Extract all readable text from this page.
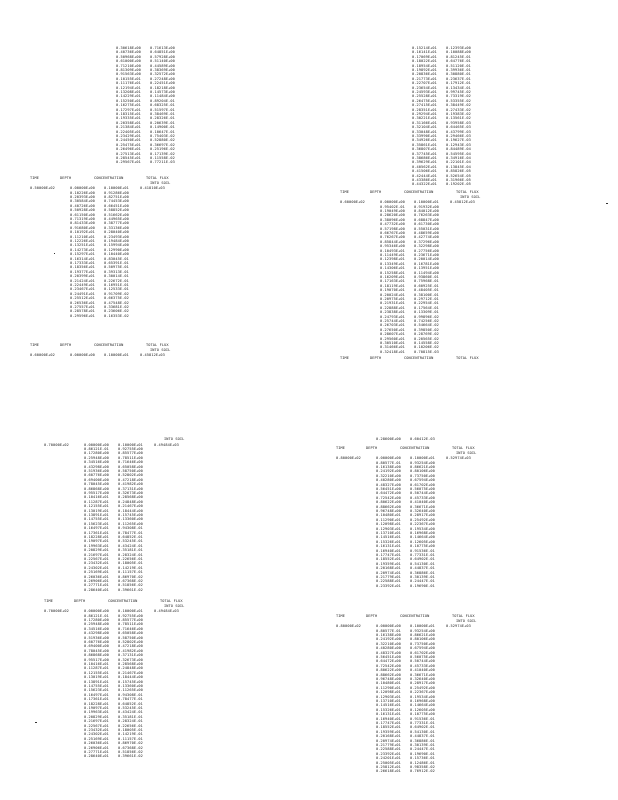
0.30618E+00	0.71613E+00
0.40736E+00	0.64851E+00
0.50968E+00	0.57928E+00
0.61000E+00	0.51140E+00
0.71210E+00	0.44589E+00
0.81309E+00	0.38369E+00
0.91563E+00	0.32572E+00
0.10155E+01	0.27248E+00
0.11176E+01	0.22451E+00
0.12194E+01	0.18218E+00
0.13208E+01	0.14573E+00
0.14229E+01	0.11484E+00
0.15250E+01	0.89204E-01
0.16275E+01	0.68325E-01
0.17297E+01	0.51597E-01
0.18315E+01	0.38469E-01
0.19335E+01	0.28326E-01
0.20358E+01	0.20639E-01
0.21384E+01	0.14900E-01
0.22405E+01	0.10647E-01
0.23429E+01	0.75403E-02
0.24450E+01	0.52880E-02
0.25475E+01	0.36697E-02
0.26496E+01	0.25196E-02
0.27513E+01	0.17139E-02
0.28545E+01	0.11558E-02
0.29567E+01	0.77211E-03
TIME	DEPTH	CONCENTRATION	TOTAL FLUX
INTO SOIL
0.50000E+02	0.00000E+00	0.10000E+01	0.41810E+03
0.10226E+00	0.91286E+00
0.20393E+00	0.82751E+00
0.30584E+00	0.74453E+00
0.40726E+00	0.66451E+00
0.50928E+00	0.58852E+00
0.61150E+00	0.51662E+00
0.71319E+00	0.44965E+00
0.81433E+00	0.38777E+00
0.91680E+00	0.33136E+00
0.10192E+01	0.28040E+00
0.11210E+01	0.23493E+00
0.12226E+01	0.19484E+00
0.13251E+01	0.15994E+00
0.14273E+01	0.12990E+00
0.15297E+01	0.10440E+00
0.16314E+01	0.83045E-01
0.17333E+01	0.65391E-01
0.18356E+01	0.50975E-01
0.19377E+01	0.39313E-01
0.20399E+01	0.30014E-01
0.21424E+01	0.22672E-01
0.22449E+01	0.16951E-01
0.23467E+01	0.12533E-01
0.24491E+01	0.91709E-02
0.25512E+01	0.66375E-02
0.26536E+01	0.47548E-02
0.27557E+01	0.33681E-02
0.28578E+01	0.23606E-02
0.29596E+01	0.16353E-02
TIME	DEPTH	CONCENTRATION	TOTAL FLUX
INTO SOIL
0.60000E+02	0.00000E+00	0.10000E+01	0.45812E+03
0.15214E+01	0.12393E+00
0.16141E+01	0.10088E+00
0.17069E+01	0.81245E-01
0.18022E+01	0.64776E-01
0.18954E+01	0.51120E-01
0.19892E+01	0.39936E-01
0.20836E+01	0.30880E-01
0.21773E+01	0.23637E-01
0.22707E+01	0.17912E-01
0.23654E+01	0.13434E-01
0.24593E+01	0.99745E-02
0.25528E+01	0.73319E-02
0.26475E+01	0.53355E-02
0.27415E+01	0.38449E-02
0.28351E+01	0.27433E-02
0.29294E+01	0.19383E-02
0.30221E+01	0.13561E-02
0.31166E+01	0.93958E-03
0.32104E+01	0.64465E-03
0.33048E+01	0.43799E-03
0.33990E+01	0.29466E-03
0.34926E+01	0.19627E-03
0.35861E+01	0.12943E-03
0.36807E+01	0.84489E-04
0.37745E+01	0.54595E-04
0.38686E+01	0.34916E-04
0.39629E+01	0.22101E-04
0.40562E+01	0.13845E-04
0.41506E+01	0.85826E-05
0.42444E+01	0.52654E-05
0.43386E+01	0.31966E-05
0.44322E+01	0.19202E-05
TIME	DEPTH	CONCENTRATION	TOTAL FLUX
INTO SOIL
0.60000E+02	0.00000E+00	0.10000E+01	0.45812E+03
0.95402E-01	0.91932E+00
0.19049E+00	0.84012E+00
0.28620E+00	0.76263E+00
0.38096E+00	0.68847E+00
0.47732E+00	0.61730E+00
0.57198E+00	0.55031E+00
0.66767E+00	0.48659E+00
0.76267E+00	0.42774E+00
0.85844E+00	0.37296E+00
0.95346E+00	0.32298E+00
0.10493E+01	0.27756E+00
0.11449E+01	0.23671E+00
0.12398E+01	0.20014E+00
0.13349E+01	0.16781E+00
0.14306E+01	0.13951E+00
0.15258E+01	0.11494E+00
0.16209E+01	0.93860E-01
0.17163E+01	0.75968E-01
0.18119E+01	0.60925E-01
0.19070E+01	0.48405E-01
0.20024E+01	0.38100E-01
0.20975E+01	0.29712E-01
0.21931E+01	0.22954E-01
0.22888E+01	0.17564E-01
0.23838E+01	0.13309E-01
0.24793E+01	0.99896E-02
0.25744E+01	0.74256E-02
0.26703E+01	0.54664E-02
0.27650E+01	0.39850E-02
0.28607E+01	0.28769E-02
0.29560E+01	0.20565E-02
0.30510E+01	0.14558E-02
0.31466E+01	0.10206E-02
0.32418E+01	0.70815E-03
TIME	DEPTH	CONCENTRATION	TOTAL FLUX
INTO SOIL
0.70000E+02	0.00000E+00	0.10000E+01	0.49484E+03
0.86121E-01	0.92755E+00
0.17280E+00	0.85577E+00
0.25948E+00	0.78511E+00
0.34516E+00	0.71646E+00
0.43298E+00	0.65058E+00
0.51936E+00	0.58750E+00
0.60776E+00	0.52802E+00
0.69400E+00	0.47218E+00
0.78045E+00	0.41982E+00
0.86868E+00	0.37131E+00
0.95517E+00	0.32673E+00
0.10416E+01	0.28568E+00
0.11287E+01	0.24848E+00
0.12155E+01	0.21467E+00
0.13019E+01	0.18444E+00
0.13891E+01	0.15745E+00
0.14755E+01	0.13360E+00
0.15623E+01	0.11265E+00
0.16497E+01	0.94308E-01
0.17361E+01	0.78477E-01
0.18228E+01	0.64852E-01
0.19097E+01	0.53245E-01
0.19963E+01	0.43424E-01
0.20829E+01	0.35181E-01
0.21697E+01	0.28324E-01
0.22567E+01	0.22656E-01
0.23432E+01	0.18005E-01
0.24302E+01	0.14219E-01
0.25169E+01	0.11157E-01
0.26036E+01	0.86970E-02
0.26906E+01	0.67368E-02
0.27771E+01	0.51856E-02
0.28640E+01	0.39661E-02
TIME	DEPTH	CONCENTRATION	TOTAL FLUX
INTO SOIL
0.70000E+02	0.00000E+00	0.10000E+01	0.49484E+03
0.86121E-01	0.92755E+00
0.17280E+00	0.85577E+00
0.25948E+00	0.78511E+00
0.34516E+00	0.71646E+00
0.43298E+00	0.65058E+00
0.51936E+00	0.58750E+00
0.60776E+00	0.52802E+00
0.69400E+00	0.47218E+00
0.78045E+00	0.41982E+00
0.86868E+00	0.37131E+00
0.95517E+00	0.32673E+00
0.10416E+01	0.28568E+00
0.11287E+01	0.24848E+00
0.12155E+01	0.21467E+00
0.13019E+01	0.18444E+00
0.13891E+01	0.15745E+00
0.14755E+01	0.13360E+00
0.15623E+01	0.11265E+00
0.16497E+01	0.94308E-01
0.17361E+01	0.78477E-01
0.18228E+01	0.64852E-01
0.19097E+01	0.53245E-01
0.19963E+01	0.43424E-01
0.20829E+01	0.35181E-01
0.21697E+01	0.28324E-01
0.22567E+01	0.22656E-01
0.23432E+01	0.18005E-01
0.24302E+01	0.14219E-01
0.25169E+01	0.11157E-01
0.26036E+01	0.86970E-02
0.26906E+01	0.67368E-02
0.27771E+01	0.51856E-02
0.28640E+01	0.39661E-02
0.28600E+00	0.60412E-03
TIME	DEPTH	CONCENTRATION	TOTAL FLUX
INTO SOIL
0.80000E+02	0.00000E+00	0.10000E+01	0.52974E+03
0.80577E-01	0.93254E+00
0.16138E+00	0.86621E+00
0.24192E+00	0.80106E+00
0.32210E+00	0.73750E+00
0.40280E+00	0.67594E+00
0.48327E+00	0.61702E+00
0.56451E+00	0.56075E+00
0.64472E+00	0.50744E+00
0.72542E+00	0.45733E+00
0.80622E+00	0.41040E+00
0.88662E+00	0.36671E+00
0.96748E+00	0.32640E+00
0.10480E+01	0.28917E+00
0.11290E+01	0.25492E+00
0.12098E+01	0.22367E+00
0.12903E+01	0.19534E+00
0.13710E+01	0.16968E+00
0.14516E+01	0.14664E+00
0.15326E+01	0.12605E+00
0.16131E+01	0.10775E+00
0.16940E+01	0.91536E-01
0.17747E+01	0.77331E-01
0.18552E+01	0.64902E-01
0.19359E+01	0.54130E-01
0.20168E+01	0.44837E-01
0.20974E+01	0.36886E-01
0.21779E+01	0.30139E-01
0.22588E+01	0.24447E-01
0.23392E+01	0.19690E-01
TIME	DEPTH	CONCENTRATION	TOTAL FLUX
INTO SOIL
0.80000E+02	0.00000E+00	0.10000E+01	0.52974E+03
0.80577E-01	0.93254E+00
0.16138E+00	0.86621E+00
0.24192E+00	0.80106E+00
0.32210E+00	0.73750E+00
0.40280E+00	0.67594E+00
0.48327E+00	0.61702E+00
0.56451E+00	0.56075E+00
0.64472E+00	0.50744E+00
0.72542E+00	0.45733E+00
0.80622E+00	0.41040E+00
0.88662E+00	0.36671E+00
0.96748E+00	0.32640E+00
0.10480E+01	0.28917E+00
0.11290E+01	0.25492E+00
0.12098E+01	0.22367E+00
0.12903E+01	0.19534E+00
0.13710E+01	0.16968E+00
0.14516E+01	0.14664E+00
0.15326E+01	0.12605E+00
0.16131E+01	0.10775E+00
0.16940E+01	0.91536E-01
0.17747E+01	0.77331E-01
0.18552E+01	0.64902E-01
0.19359E+01	0.54130E-01
0.20168E+01	0.44837E-01
0.20974E+01	0.36886E-01
0.21779E+01	0.30139E-01
0.22588E+01	0.24447E-01
0.23392E+01	0.19690E-01
0.24201E+01	0.15736E-01
0.25005E+01	0.12486E-01
0.25812E+01	0.98358E-02
0.26618E+01	0.76912E-02
